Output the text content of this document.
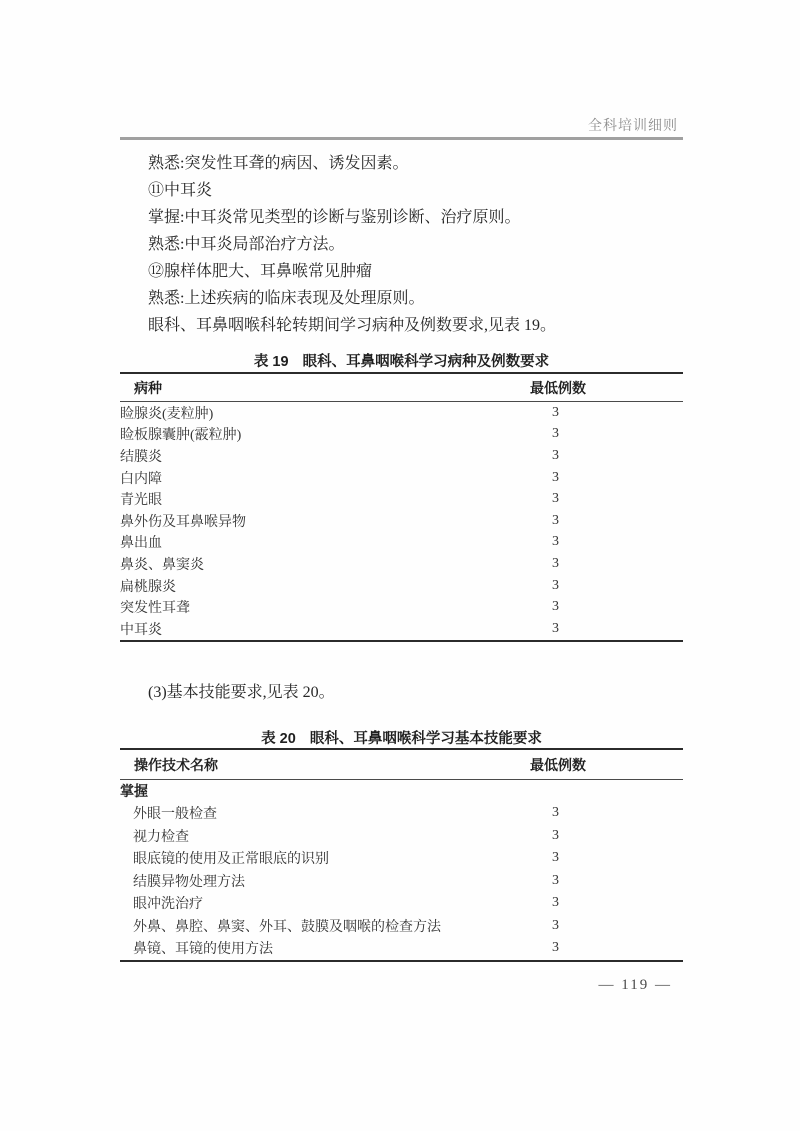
全科培训细则
熟悉:突发性耳聋的病因、诱发因素。
⑪中耳炎
掌握:中耳炎常见类型的诊断与鉴别诊断、治疗原则。
熟悉:中耳炎局部治疗方法。
⑫腺样体肥大、耳鼻喉常见肿瘤
熟悉:上述疾病的临床表现及处理原则。
眼科、耳鼻咽喉科轮转期间学习病种及例数要求,见表 19。
表 19 眼科、耳鼻咽喉科学习病种及例数要求
病种	最低例数
睑腺炎(麦粒肿)	3
睑板腺囊肿(霰粒肿)	3
结膜炎	3
白内障	3
青光眼	3
鼻外伤及耳鼻喉异物	3
鼻出血	3
鼻炎、鼻窦炎	3
扁桃腺炎	3
突发性耳聋	3
中耳炎	3
(3)基本技能要求,见表 20。
表 20 眼科、耳鼻咽喉科学习基本技能要求
操作技术名称	最低例数
掌握
外眼一般检查	3
视力检查	3
眼底镜的使用及正常眼底的识别	3
结膜异物处理方法	3
眼冲洗治疗	3
外鼻、鼻腔、鼻窦、外耳、鼓膜及咽喉的检查方法	3
鼻镜、耳镜的使用方法	3
— 119 —
